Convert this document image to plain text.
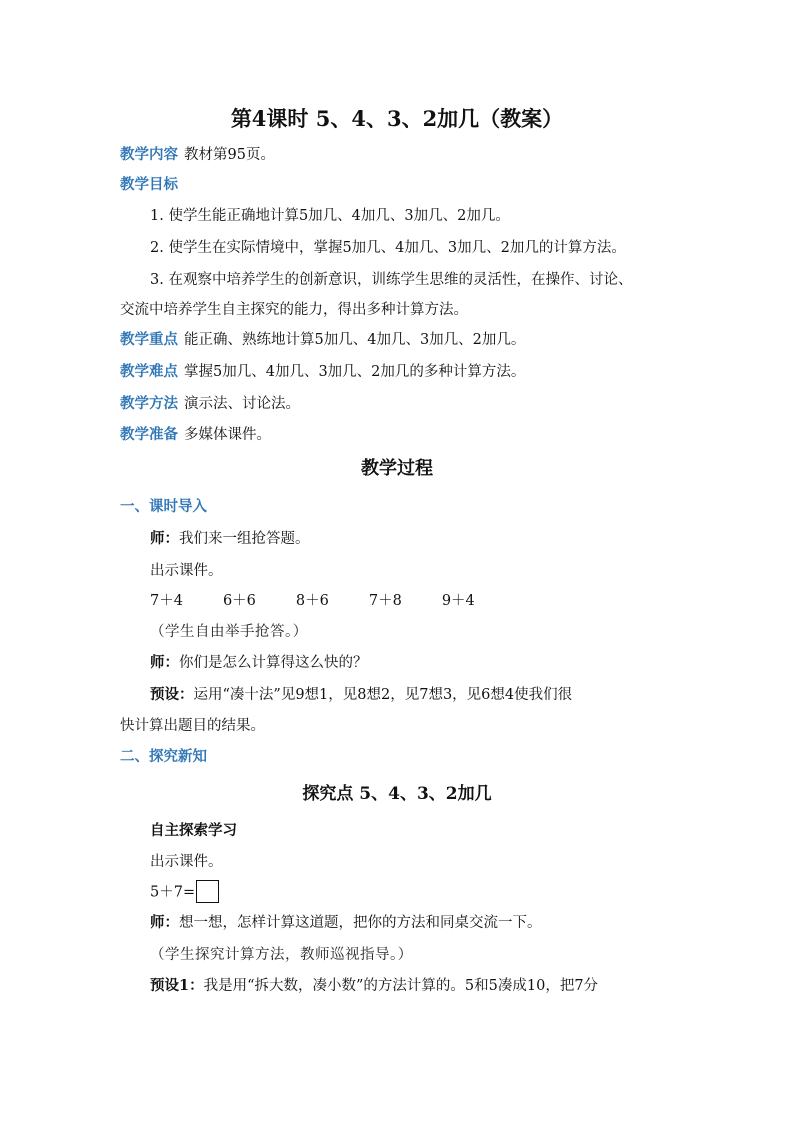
第4课时 5、4、3、2加几（教案）
教学内容 教材第95页。
教学目标
1. 使学生能正确地计算5加几、4加几、3加几、2加几。
2. 使学生在实际情境中，掌握5加几、4加几、3加几、2加几的计算方法。
3. 在观察中培养学生的创新意识，训练学生思维的灵活性，在操作、讨论、
交流中培养学生自主探究的能力，得出多种计算方法。
教学重点 能正确、熟练地计算5加几、4加几、3加几、2加几。
教学难点 掌握5加几、4加几、3加几、2加几的多种计算方法。
教学方法 演示法、讨论法。
教学准备 多媒体课件。
教学过程
一、课时导入
师：我们来一组抢答题。
出示课件。
7＋4	6＋6	8＋6	7＋8	9＋4
（学生自由举手抢答。）
师：你们是怎么计算得这么快的？
预设：运用“凑十法”见9想1，见8想2，见7想3，见6想4使我们很
快计算出题目的结果。
二、探究新知
探究点 5、4、3、2加几
自主探索学习
出示课件。
5＋7=
师：想一想，怎样计算这道题，把你的方法和同桌交流一下。
（学生探究计算方法，教师巡视指导。）
预设1：我是用“拆大数，凑小数”的方法计算的。5和5凑成10，把7分
